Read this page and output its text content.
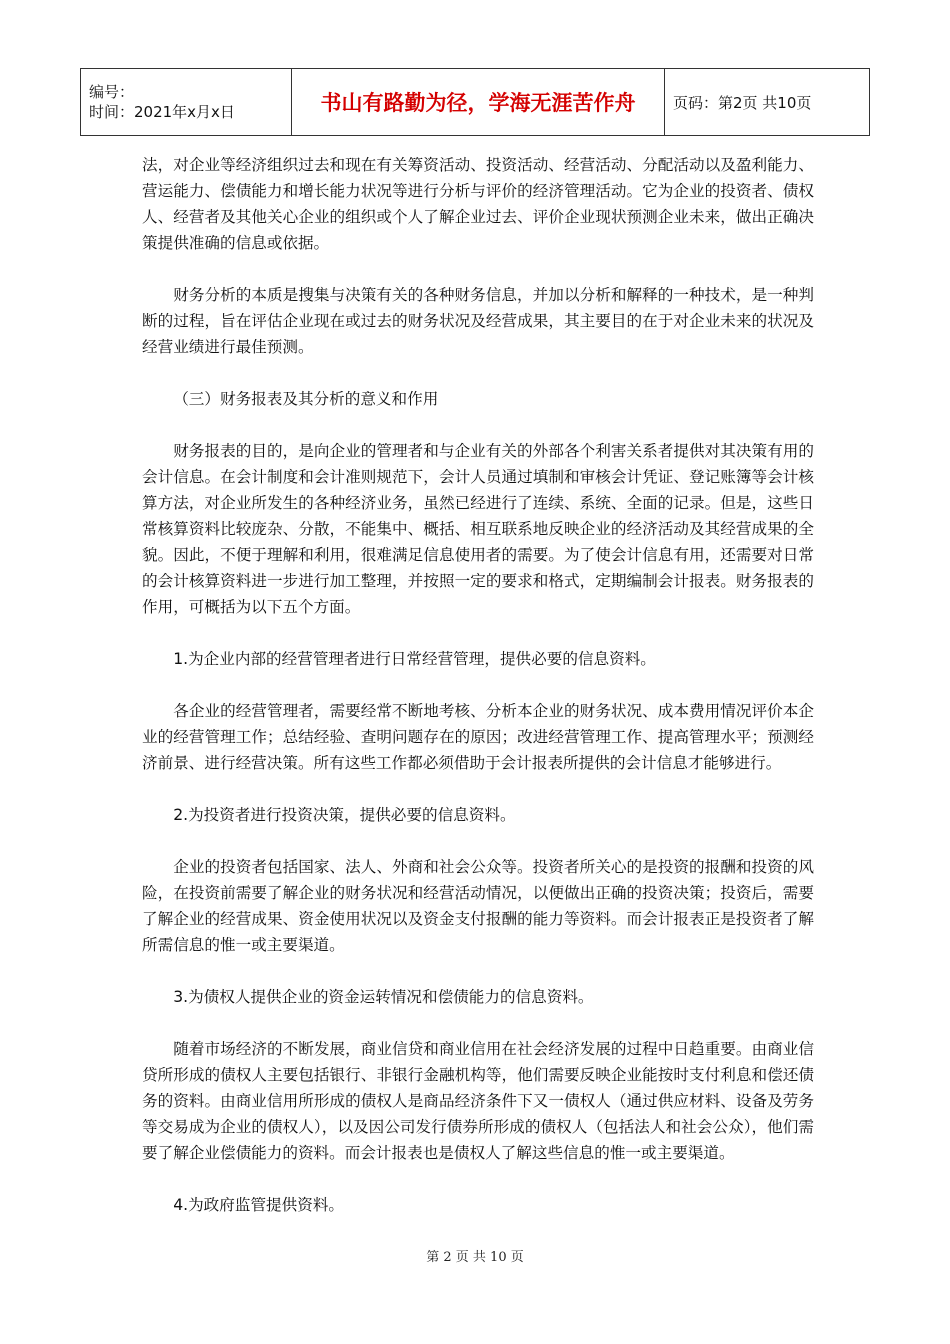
编号：
时间：2021年x月x日	书山有路勤为径，学海无涯苦作舟	页码：第2页 共10页

法，对企业等经济组织过去和现在有关筹资活动、投资活动、经营活动、分配活动以及盈利能力、营运能力、偿债能力和增长能力状况等进行分析与评价的经济管理活动。它为企业的投资者、债权人、经营者及其他关心企业的组织或个人了解企业过去、评价企业现状预测企业未来，做出正确决策提供准确的信息或依据。

财务分析的本质是搜集与决策有关的各种财务信息，并加以分析和解释的一种技术，是一种判断的过程，旨在评估企业现在或过去的财务状况及经营成果，其主要目的在于对企业未来的状况及经营业绩进行最佳预测。

（三）财务报表及其分析的意义和作用

财务报表的目的，是向企业的管理者和与企业有关的外部各个利害关系者提供对其决策有用的会计信息。在会计制度和会计准则规范下，会计人员通过填制和审核会计凭证、登记账簿等会计核算方法，对企业所发生的各种经济业务，虽然已经进行了连续、系统、全面的记录。但是，这些日常核算资料比较庞杂、分散，不能集中、概括、相互联系地反映企业的经济活动及其经营成果的全貌。因此，不便于理解和利用，很难满足信息使用者的需要。为了使会计信息有用，还需要对日常的会计核算资料进一步进行加工整理，并按照一定的要求和格式，定期编制会计报表。财务报表的作用，可概括为以下五个方面。

1.为企业内部的经营管理者进行日常经营管理，提供必要的信息资料。

各企业的经营管理者，需要经常不断地考核、分析本企业的财务状况、成本费用情况评价本企业的经营管理工作；总结经验、查明问题存在的原因；改进经营管理工作、提高管理水平；预测经济前景、进行经营决策。所有这些工作都必须借助于会计报表所提供的会计信息才能够进行。

2.为投资者进行投资决策，提供必要的信息资料。

企业的投资者包括国家、法人、外商和社会公众等。投资者所关心的是投资的报酬和投资的风险，在投资前需要了解企业的财务状况和经营活动情况，以便做出正确的投资决策；投资后，需要了解企业的经营成果、资金使用状况以及资金支付报酬的能力等资料。而会计报表正是投资者了解所需信息的惟一或主要渠道。

3.为债权人提供企业的资金运转情况和偿债能力的信息资料。

随着市场经济的不断发展，商业信贷和商业信用在社会经济发展的过程中日趋重要。由商业信贷所形成的债权人主要包括银行、非银行金融机构等，他们需要反映企业能按时支付利息和偿还债务的资料。由商业信用所形成的债权人是商品经济条件下又一债权人（通过供应材料、设备及劳务等交易成为企业的债权人），以及因公司发行债券所形成的债权人（包括法人和社会公众），他们需要了解企业偿债能力的资料。而会计报表也是债权人了解这些信息的惟一或主要渠道。

4.为政府监管提供资料。

第 2 页 共 10 页
